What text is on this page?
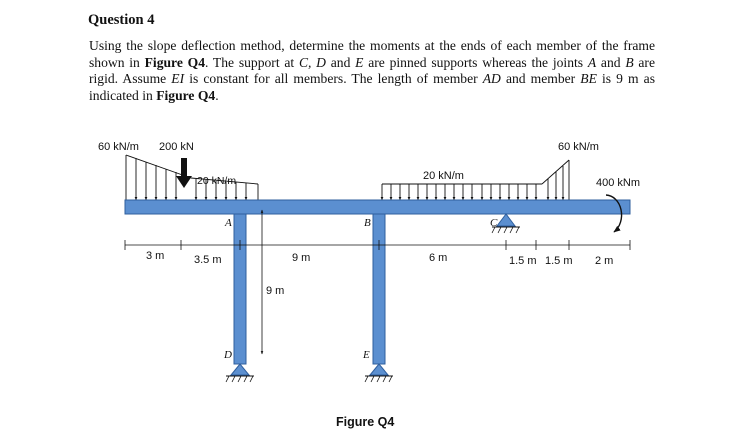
Question 4
Using the slope deflection method, determine the moments at the ends of each member of the frame shown in Figure Q4. The support at C, D and E are pinned supports whereas the joints A and B are rigid. Assume EI is constant for all members. The length of member AD and member BE is 9 m as indicated in Figure Q4.
60 kN/m 200 kN
20 kN/m	20 kN/m
60 kN/m
400 kNm
A	B	C
D	E
3 m	3.5 m	9 m	6 m	1.5 m 1.5 m 2 m
9 m
Figure Q4
